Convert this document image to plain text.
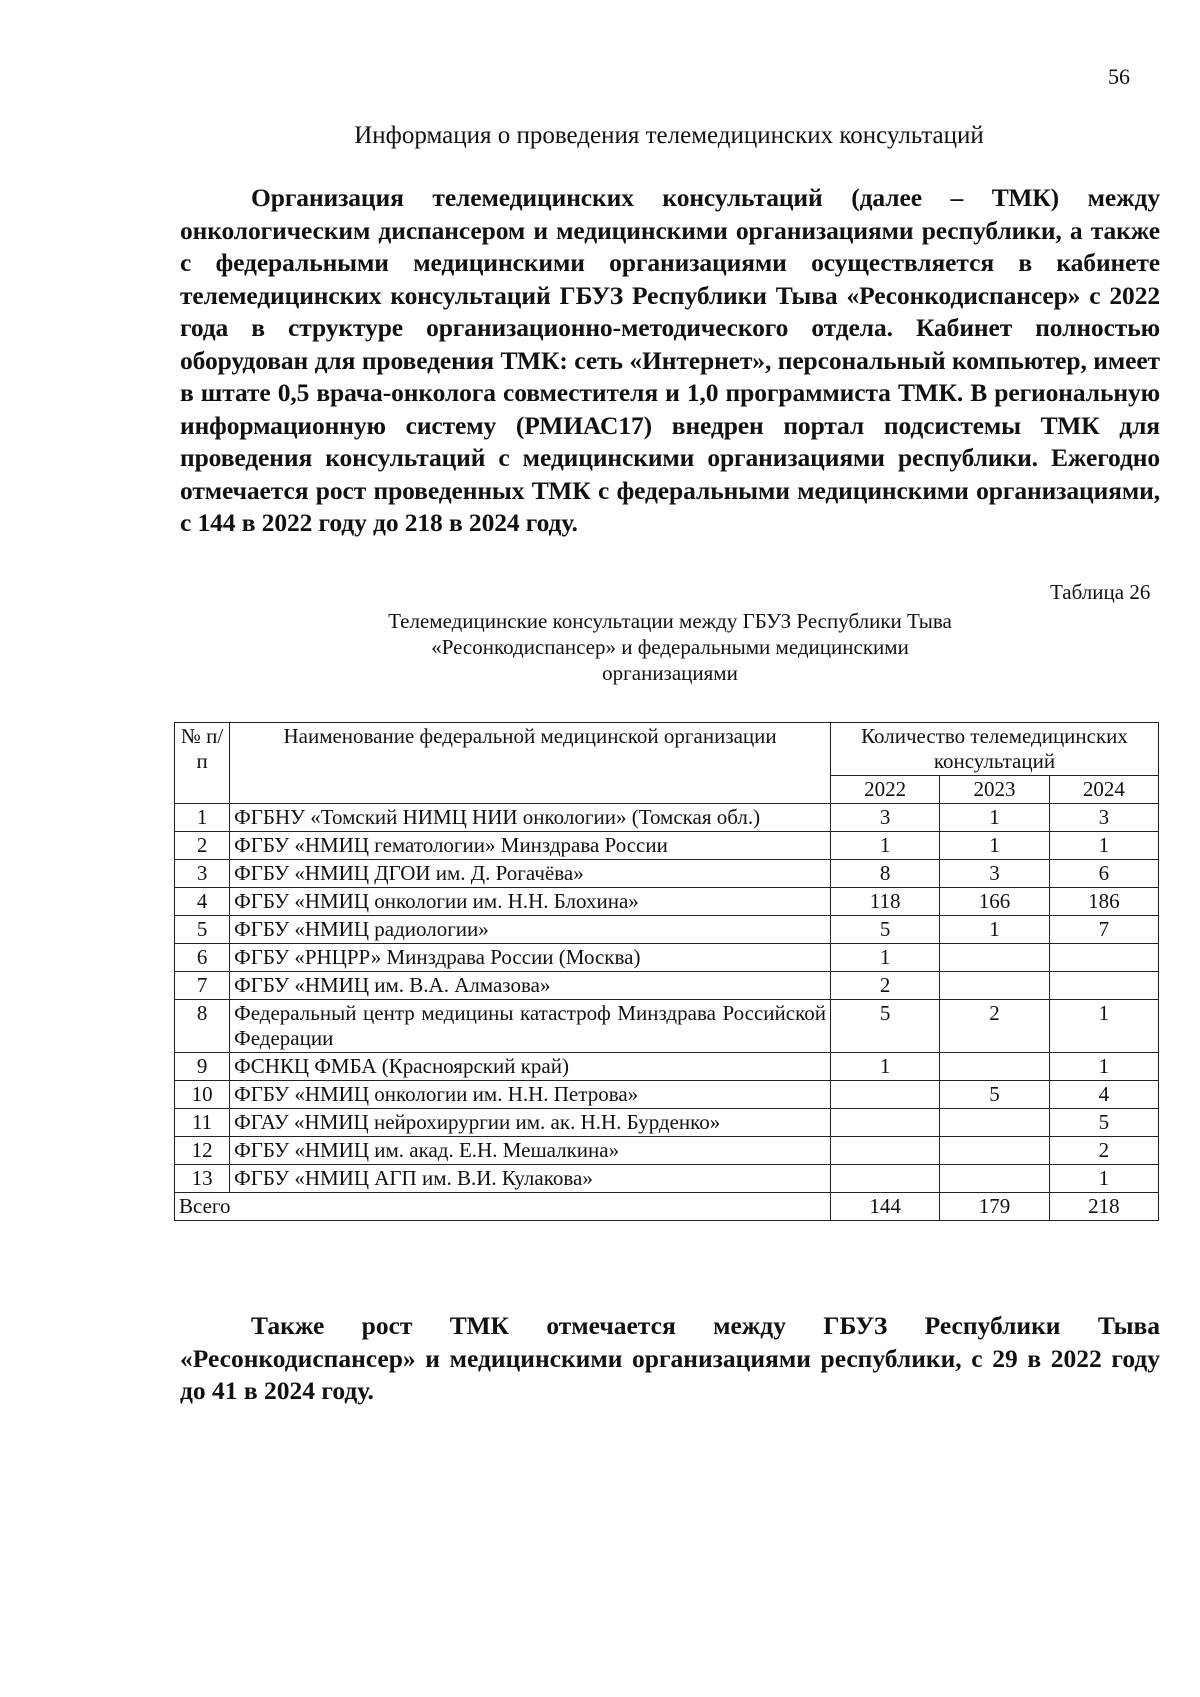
56
Информация о проведения телемедицинских консультаций

Организация телемедицинских консультаций (далее – ТМК) между онкологическим диспансером и медицинскими организациями республики, а также с федеральными медицинскими организациями осуществляется в кабинете телемедицинских консультаций ГБУЗ Республики Тыва «Ресонкодиспансер» с 2022 года в структуре организационно-методического отдела. Кабинет полностью оборудован для проведения ТМК: сеть «Интернет», персональный компьютер, имеет в штате 0,5 врача-онколога совместителя и 1,0 программиста ТМК. В региональную информационную систему (РМИАС17) внедрен портал подсистемы ТМК для проведения консультаций с медицинскими организациями республики. Ежегодно отмечается рост проведенных ТМК с федеральными медицинскими организациями, с 144 в 2022 году до 218 в 2024 году.

Таблица 26
Телемедицинские консультации между ГБУЗ Республики Тыва
«Ресонкодиспансер» и федеральными медицинскими
организациями
№ п/п	Наименование федеральной медицинской организации	Количество телемедицинских консультаций		
		2022	2023	2024
1	ФГБНУ «Томский НИМЦ НИИ онкологии» (Томская обл.)	3	1	3
2	ФГБУ «НМИЦ гематологии» Минздрава России	1	1	1
3	ФГБУ «НМИЦ ДГОИ им. Д. Рогачёва»	8	3	6
4	ФГБУ «НМИЦ онкологии им. Н.Н. Блохина»	118	166	186
5	ФГБУ «НМИЦ радиологии»	5	1	7
6	ФГБУ «РНЦРР» Минздрава России (Москва)	1		
7	ФГБУ «НМИЦ им. В.А. Алмазова»	2		
8	Федеральный центр медицины катастроф Минздрава Российской Федерации	5	2	1
9	ФСНКЦ ФМБА (Красноярский край)	1		1
10	ФГБУ «НМИЦ онкологии им. Н.Н. Петрова»		5	4
11	ФГАУ «НМИЦ нейрохирургии им. ак. Н.Н. Бурденко»			5
12	ФГБУ «НМИЦ им. акад. Е.Н. Мешалкина»			2
13	ФГБУ «НМИЦ АГП им. В.И. Кулакова»			1
Всего		144	179	218

Также рост ТМК отмечается между ГБУЗ Республики Тыва «Ресонкодиспансер» и медицинскими организациями республики, с 29 в 2022 году до 41 в 2024 году.
